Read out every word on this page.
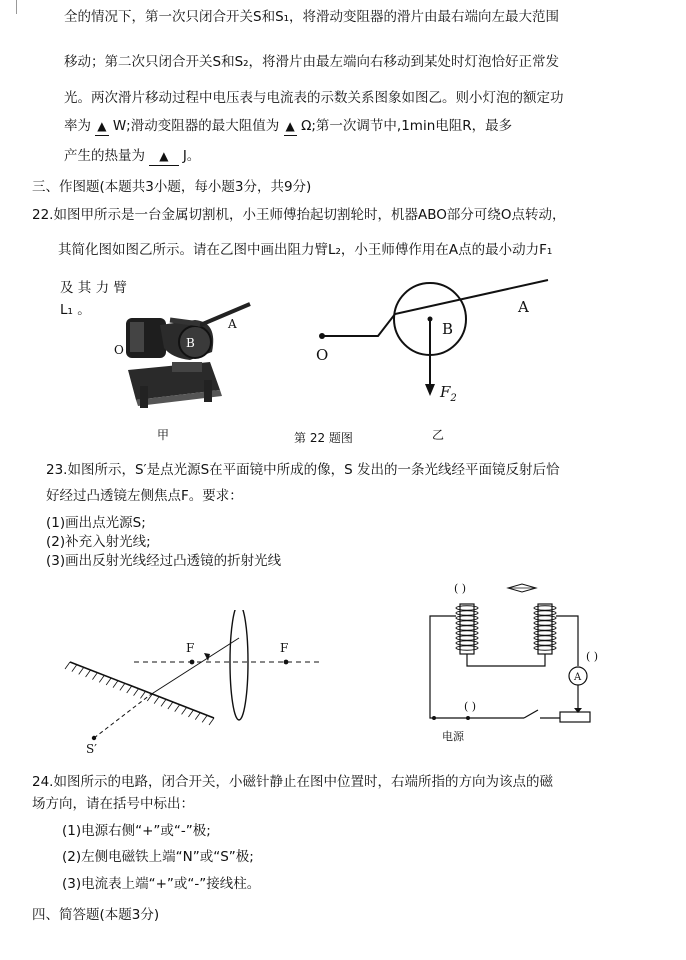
全的情况下，第一次只闭合开关S和S₁，将滑动变阻器的滑片由最右端向左最大范围
移动；第二次只闭合开关S和S₂，将滑片由最左端向右移动到某处时灯泡恰好正常发
光。两次滑片移动过程中电压表与电流表的示数关系图象如图乙。则小灯泡的额定功
率为 ▲ W;滑动变阻器的最大阻值为 ▲ Ω;第一次调节中,1min电阻R，最多
产生的热量为 ▲ J。
三、作图题(本题共3小题，每小题3分，共9分)
22.如图甲所示是一台金属切割机，小王师傅抬起切割轮时，机器ABO部分可绕O点转动，
其简化图如图乙所示。请在乙图中画出阻力臂L₂，小王师傅作用在A点的最小动力F₁
及 其 力 臂
L₁ 。
A
B
O
A
B
O
$F_2$
甲	第 22 题图	乙
23.如图所示，S′是点光源S在平面镜中所成的像，S 发出的一条光线经平面镜反射后恰
好经过凸透镜左侧焦点F。要求：
(1)画出点光源S;
(2)补充入射光线;
(3)画出反射光线经过凸透镜的折射光线
F	F
S′
( )
A
( )
( )
电源
24.如图所示的电路，闭合开关，小磁针静止在图中位置时，右端所指的方向为该点的磁
场方向，请在括号中标出：
(1)电源右侧“+”或“-”极;
(2)左侧电磁铁上端“N”或“S”极;
(3)电流表上端“+”或“-”接线柱。
四、简答题(本题3分)
